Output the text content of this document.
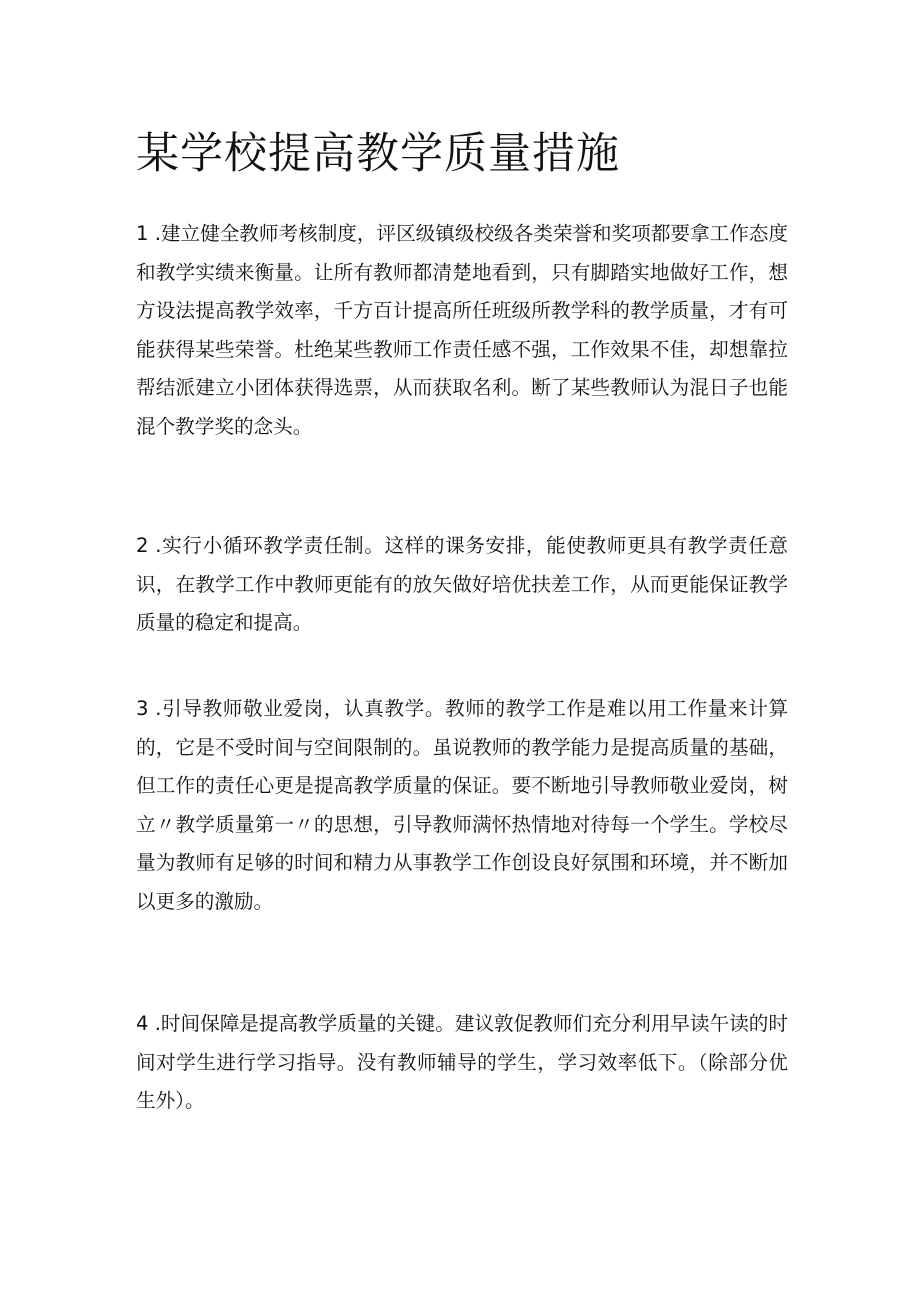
某学校提高教学质量措施

1 .建立健全教师考核制度，评区级镇级校级各类荣誉和奖项都要拿工作态度和教学实绩来衡量。让所有教师都清楚地看到，只有脚踏实地做好工作，想方设法提高教学效率，千方百计提高所任班级所教学科的教学质量，才有可能获得某些荣誉。杜绝某些教师工作责任感不强，工作效果不佳，却想靠拉帮结派建立小团体获得选票，从而获取名利。断了某些教师认为混日子也能混个教学奖的念头。

2 .实行小循环教学责任制。这样的课务安排，能使教师更具有教学责任意识，在教学工作中教师更能有的放矢做好培优扶差工作，从而更能保证教学质量的稳定和提高。

3 .引导教师敬业爱岗，认真教学。教师的教学工作是难以用工作量来计算的，它是不受时间与空间限制的。虽说教师的教学能力是提高质量的基础，但工作的责任心更是提高教学质量的保证。要不断地引导教师敬业爱岗，树立〃教学质量第一〃的思想，引导教师满怀热情地对待每一个学生。学校尽量为教师有足够的时间和精力从事教学工作创设良好氛围和环境，并不断加以更多的激励。

4 .时间保障是提高教学质量的关键。建议敦促教师们充分利用早读午读的时间对学生进行学习指导。没有教师辅导的学生，学习效率低下。（除部分优生外）。
